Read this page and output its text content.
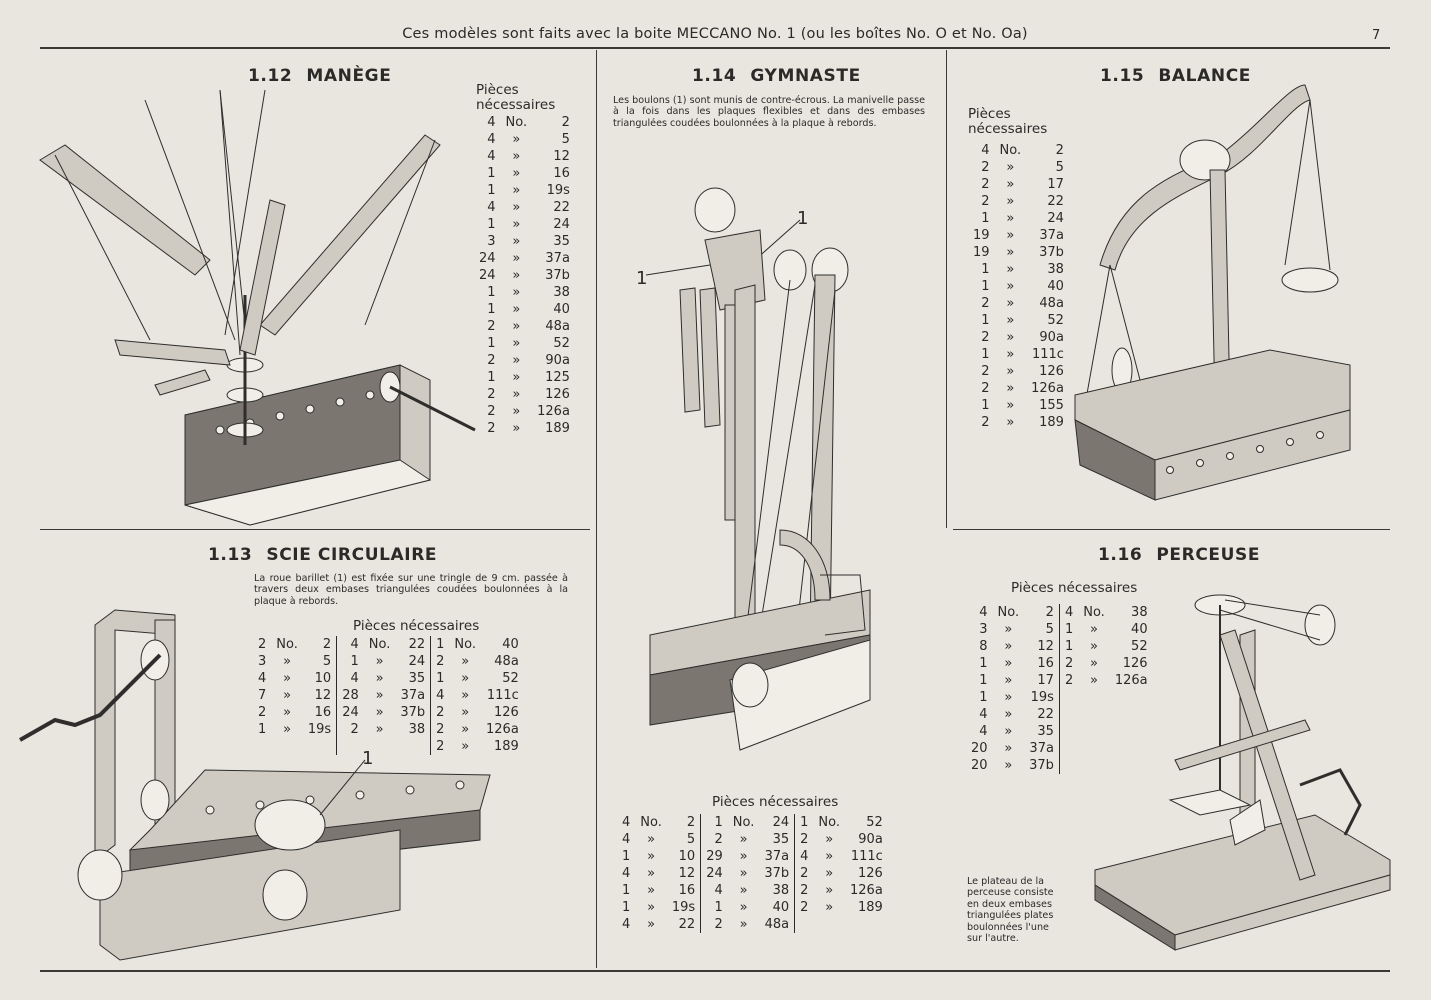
Ces modèles sont faits avec la boite MECCANO No. 1 (ou les boîtes No. O et No. Oa)	7
1.12 MANÈGE
Pièces nécessaires
4	No.	2
4	»	5
4	»	12
1	»	16
1	»	19s
4	»	22
1	»	24
3	»	35
24	»	37a
24	»	37b
1	»	38
1	»	40
2	»	48a
1	»	52
2	»	90a
1	»	125
2	»	126
2	»	126a
2	»	189
1.13 SCIE CIRCULAIRE
La roue barillet (1) est fixée sur une tringle de 9 cm. passée à travers deux embases triangulées coudées boulonnées à la plaque à rebords.
Pièces nécessaires
2	No.	2	4	No.	22	1	No.	40
3	»	5	1	»	24	2	»	48a
4	»	10	4	»	35	1	»	52
7	»	12	28	»	37a	4	»	111c
2	»	16	24	»	37b	2	»	126
1	»	19s	2	»	38	2	»	126a
						2	»	189
1
1.14 GYMNASTE
Les boulons (1) sont munis de contre-écrous. La manivelle passe à la fois dans les plaques flexibles et dans des embases triangulées coudées boulonnées à la plaque à rebords.
1
1
Pièces nécessaires
4	No.	2	1	No.	24	1	No.	52
4	»	5	2	»	35	2	»	90a
1	»	10	29	»	37a	4	»	111c
4	»	12	24	»	37b	2	»	126
1	»	16	4	»	38	2	»	126a
1	»	19s	1	»	40	2	»	189
4	»	22	2	»	48a			
1.15 BALANCE
Pièces nécessaires
4	No.	2
2	»	5
2	»	17
2	»	22
1	»	24
19	»	37a
19	»	37b
1	»	38
1	»	40
2	»	48a
1	»	52
2	»	90a
1	»	111c
2	»	126
2	»	126a
1	»	155
2	»	189
1.16 PERCEUSE
Pièces nécessaires
4	No.	2	4	No.	38
3	»	5	1	»	40
8	»	12	1	»	52
1	»	16	2	»	126
1	»	17	2	»	126a
1	»	19s			
4	»	22			
4	»	35			
20	»	37a			
20	»	37b			
Le plateau de la perceuse consiste en deux embases triangulées plates boulonnées l'une sur l'autre.
